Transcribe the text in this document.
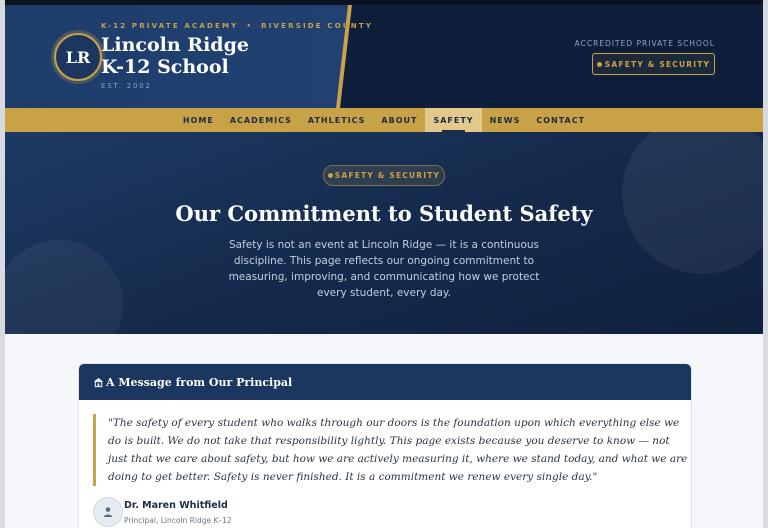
LR
K-12 PRIVATE ACADEMY • RIVERSIDE COUNTY
Lincoln Ridge
K-12 School
EST. 2002
ACCREDITED PRIVATE SCHOOL
SAFETY & SECURITY
HOME	ACADEMICS	ATHLETICS	ABOUT	SAFETY	NEWS	CONTACT
SAFETY & SECURITY
Our Commitment to Student Safety
Safety is not an event at Lincoln Ridge — it is a continuous discipline. This page reflects our ongoing commitment to measuring, improving, and communicating how we protect every student, every day.
A Message from Our Principal
"The safety of every student who walks through our doors is the foundation upon which everything else we do is built. We do not take that responsibility lightly. This page exists because you deserve to know — not just that we care about safety, but how we are actively measuring it, where we stand today, and what we are doing to get better. Safety is never finished. It is a commitment we renew every single day."
Dr. Maren Whitfield
Principal, Lincoln Ridge K–12
